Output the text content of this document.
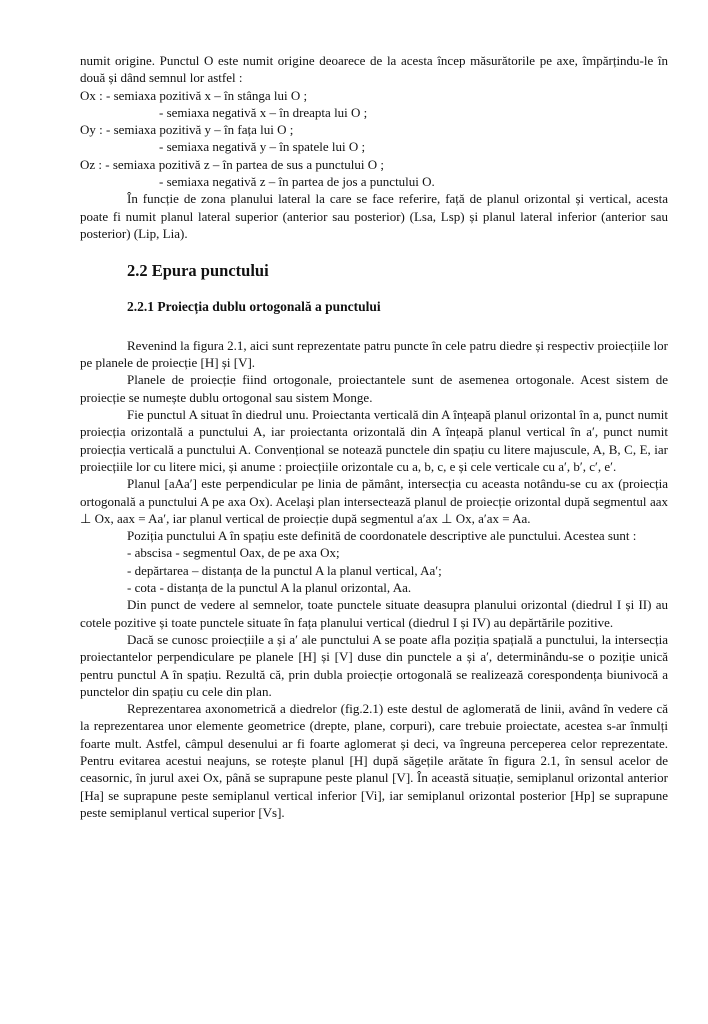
numit origine. Punctul O este numit origine deoarece de la acesta încep măsurătorile pe axe, împărțindu-le în două și dând semnul lor astfel :

Ox : - semiaxa pozitivă x – în stânga lui O ;

- semiaxa negativă x – în dreapta lui O ;

Oy : - semiaxa pozitivă y – în fața lui O ;

- semiaxa negativă y – în spatele lui O ;

Oz : - semiaxa pozitivă z – în partea de sus a punctului O ;

- semiaxa negativă z – în partea de jos a punctului O.

În funcție de zona planului lateral la care se face referire, față de planul orizontal și vertical, acesta poate fi numit planul lateral superior (anterior sau posterior) (Lsa, Lsp) și planul lateral inferior (anterior sau posterior) (Lip, Lia).

2.2 Epura punctului
2.2.1 Proiecția dublu ortogonală a punctului

Revenind la figura 2.1, aici sunt reprezentate patru puncte în cele patru diedre și respectiv proiecțiile lor pe planele de proiecție [H] și [V].

Planele de proiecție fiind ortogonale, proiectantele sunt de asemenea ortogonale. Acest sistem de proiecție se numește dublu ortogonal sau sistem Monge.

Fie punctul A situat în diedrul unu. Proiectanta verticală din A înțeapă planul orizontal în a, punct numit proiecția orizontală a punctului A, iar proiectanta orizontală din A înțeapă planul vertical în a′, punct numit proiecția verticală a punctului A. Convențional se notează punctele din spațiu cu litere majuscule, A, B, C, E, iar proiecțiile lor cu litere mici, și anume : proiecțiile orizontale cu a, b, c, e și cele verticale cu a′, b′, c′, e′.

Planul [aAa′] este perpendicular pe linia de pământ, intersecția cu aceasta notându-se cu ax (proiecția ortogonală a punctului A pe axa Ox). Acelaşi plan intersectează planul de proiecție orizontal după segmentul aax ⊥ Ox, aax = Aa′, iar planul vertical de proiecție după segmentul a′ax ⊥ Ox, a′ax = Aa.

Poziția punctului A în spațiu este definită de coordonatele descriptive ale punctului. Acestea sunt :

- abscisa - segmentul Oax, de pe axa Ox;

- depărtarea – distanța de la punctul A la planul vertical, Aa′;

- cota - distanța de la punctul A la planul orizontal, Aa.

Din punct de vedere al semnelor, toate punctele situate deasupra planului orizontal (diedrul I și II) au cotele pozitive și toate punctele situate în fața planului vertical (diedrul I și IV) au depărtările pozitive.

Dacă se cunosc proiecțiile a și a′ ale punctului A se poate afla poziția spațială a punctului, la intersecția proiectantelor perpendiculare pe planele [H] și [V] duse din punctele a și a′, determinându-se o poziție unică pentru punctul A în spațiu. Rezultă că, prin dubla proiecție ortogonală se realizează corespondența biunivocă a punctelor din spațiu cu cele din plan.

Reprezentarea axonometrică a diedrelor (fig.2.1) este destul de aglomerată de linii, având în vedere că la reprezentarea unor elemente geometrice (drepte, plane, corpuri), care trebuie proiectate, acestea s-ar înmulți foarte mult. Astfel, câmpul desenului ar fi foarte aglomerat și deci, va îngreuna perceperea celor reprezentate. Pentru evitarea acestui neajuns, se rotește planul [H] după săgețile arătate în figura 2.1, în sensul acelor de ceasornic, în jurul axei Ox, până se suprapune peste planul [V]. În această situație, semiplanul orizontal anterior [Ha] se suprapune peste semiplanul vertical inferior [Vi], iar semiplanul orizontal posterior [Hp] se suprapune peste semiplanul vertical superior [Vs].
